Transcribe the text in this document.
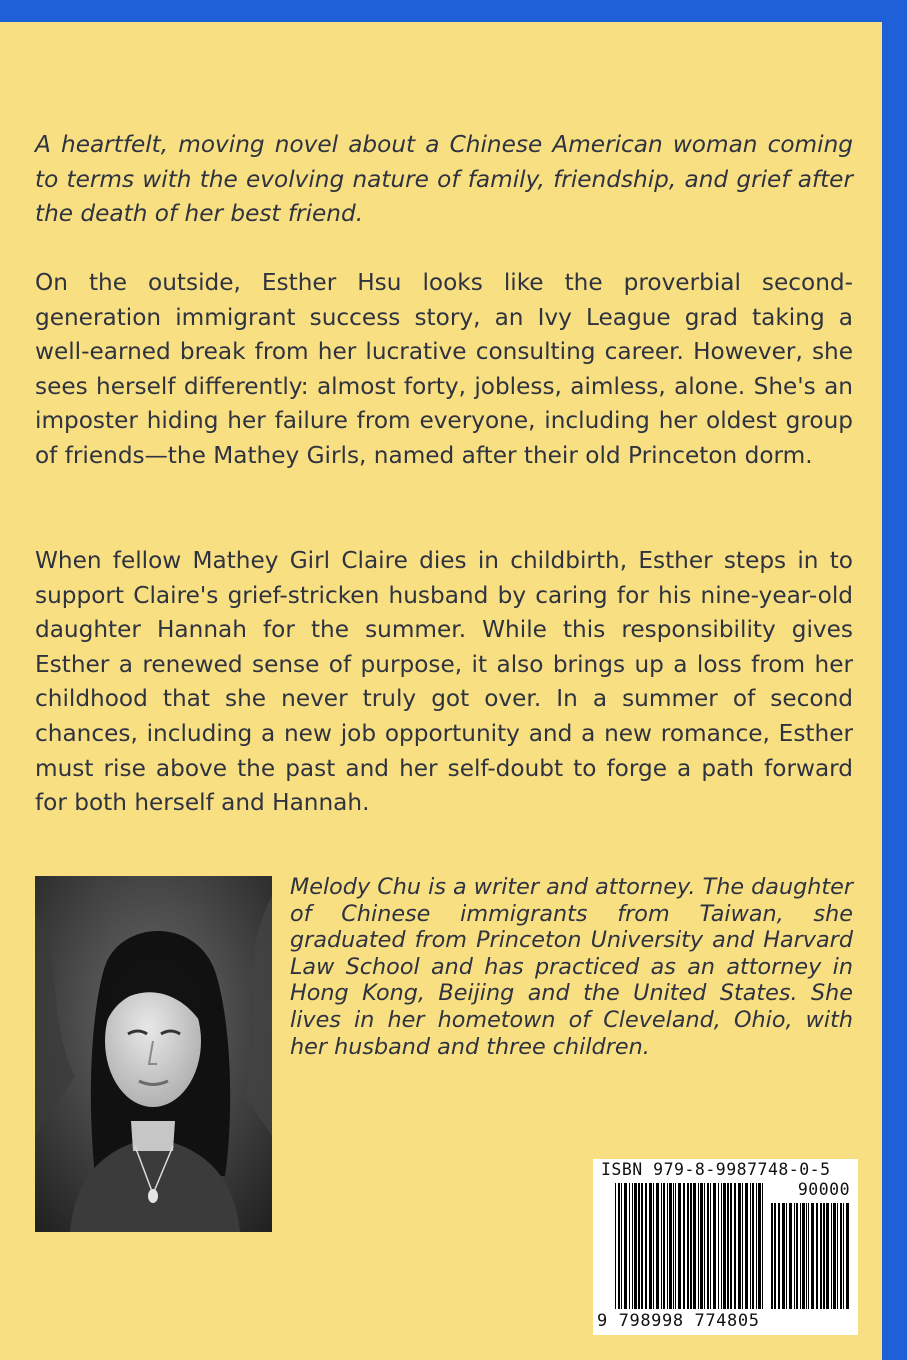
A heartfelt, moving novel about a Chinese American woman coming to terms with the evolving nature of family, friendship, and grief after the death of her best friend.

On the outside, Esther Hsu looks like the proverbial second-generation immigrant success story, an Ivy League grad taking a well-earned break from her lucrative consulting career. However, she sees herself differently: almost forty, jobless, aimless, alone. She's an imposter hiding her failure from everyone, including her oldest group of friends—the Mathey Girls, named after their old Princeton dorm.

When fellow Mathey Girl Claire dies in childbirth, Esther steps in to support Claire's grief-stricken husband by caring for his nine-year-old daughter Hannah for the summer. While this responsibility gives Esther a renewed sense of purpose, it also brings up a loss from her childhood that she never truly got over. In a summer of second chances, including a new job opportunity and a new romance, Esther must rise above the past and her self-doubt to forge a path forward for both herself and Hannah.

Melody Chu is a writer and attorney. The daughter of Chinese immigrants from Taiwan, she graduated from Princeton University and Harvard Law School and has practiced as an attorney in Hong Kong, Beijing and the United States. She lives in her hometown of Cleveland, Ohio, with her husband and three children.

ISBN 979-8-9987748-0-5
90000
9 798998 774805
